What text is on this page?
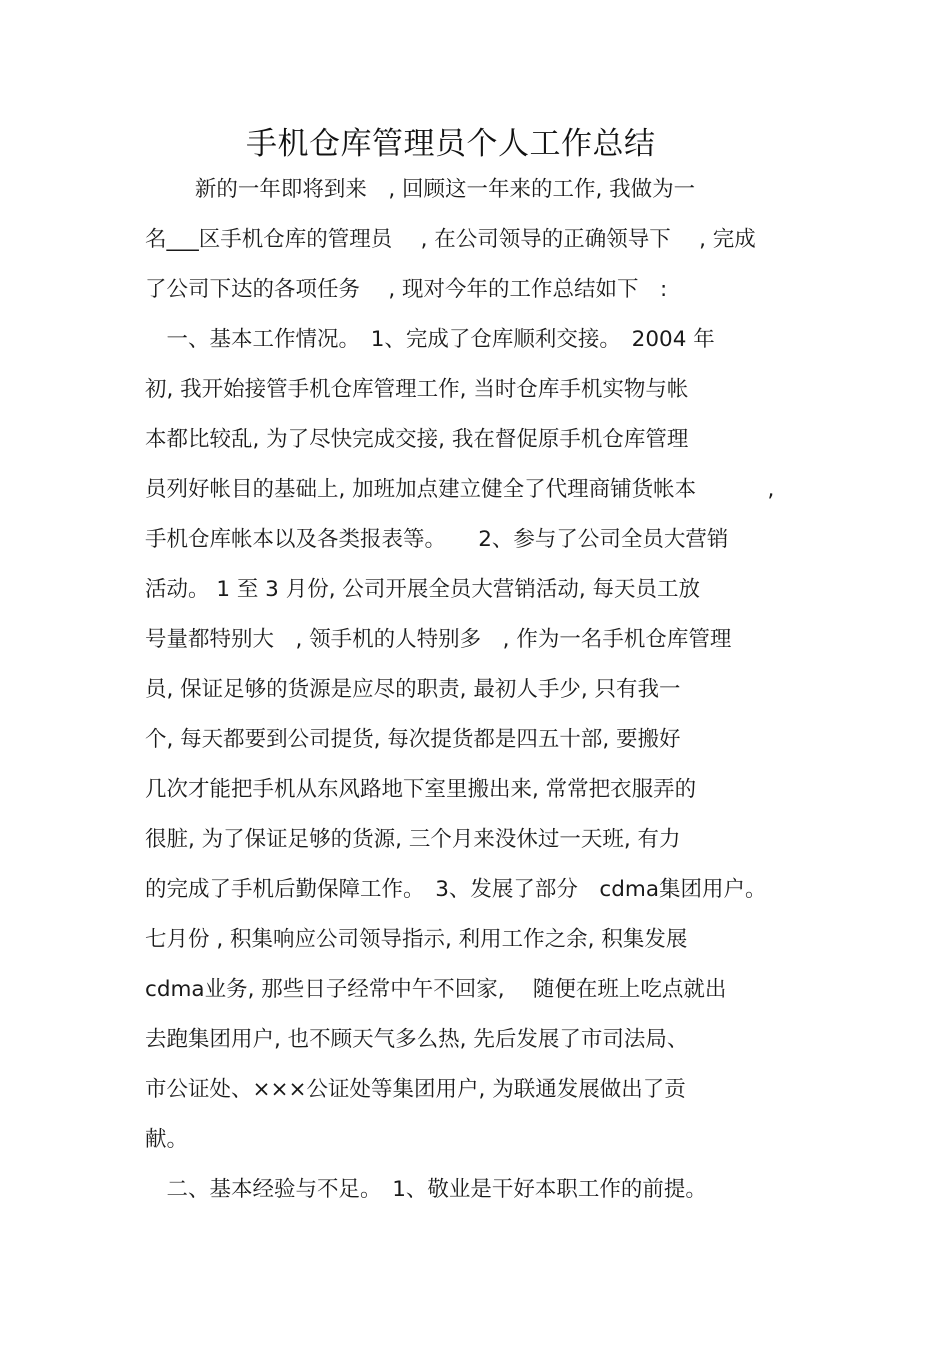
手机仓库管理员个人工作总结
　　 新的一年即将到来　, 回顾这一年来的工作, 我做为一
名___区手机仓库的管理员　 , 在公司领导的正确领导下　 , 完成
了公司下达的各项任务　 , 现对今年的工作总结如下　:
　一、基本工作情况。　1、完成了仓库顺利交接。　2004 年
初, 我开始接管手机仓库管理工作, 当时仓库手机实物与帐
本都比较乱, 为了尽快完成交接, 我在督促原手机仓库管理
员列好帐目的基础上, 加班加点建立健全了代理商铺货帐本　　　 ,
手机仓库帐本以及各类报表等。　　2、参与了公司全员大营销
活动。 1 至 3 月份, 公司开展全员大营销活动, 每天员工放
号量都特别大　, 领手机的人特别多　, 作为一名手机仓库管理
员, 保证足够的货源是应尽的职责, 最初人手少, 只有我一
个, 每天都要到公司提货, 每次提货都是四五十部, 要搬好
几次才能把手机从东风路地下室里搬出来, 常常把衣服弄的
很脏, 为了保证足够的货源, 三个月来没休过一天班, 有力
的完成了手机后勤保障工作。　3、发展了部分　cdma集团用户。
七月份 , 积集响应公司领导指示, 利用工作之余, 积集发展
cdma业务, 那些日子经常中午不回家,　 随便在班上吃点就出
去跑集团用户, 也不顾天气多么热, 先后发展了市司法局、
市公证处、×××公证处等集团用户, 为联通发展做出了贡
献。
　二、基本经验与不足。　1、敬业是干好本职工作的前提。
